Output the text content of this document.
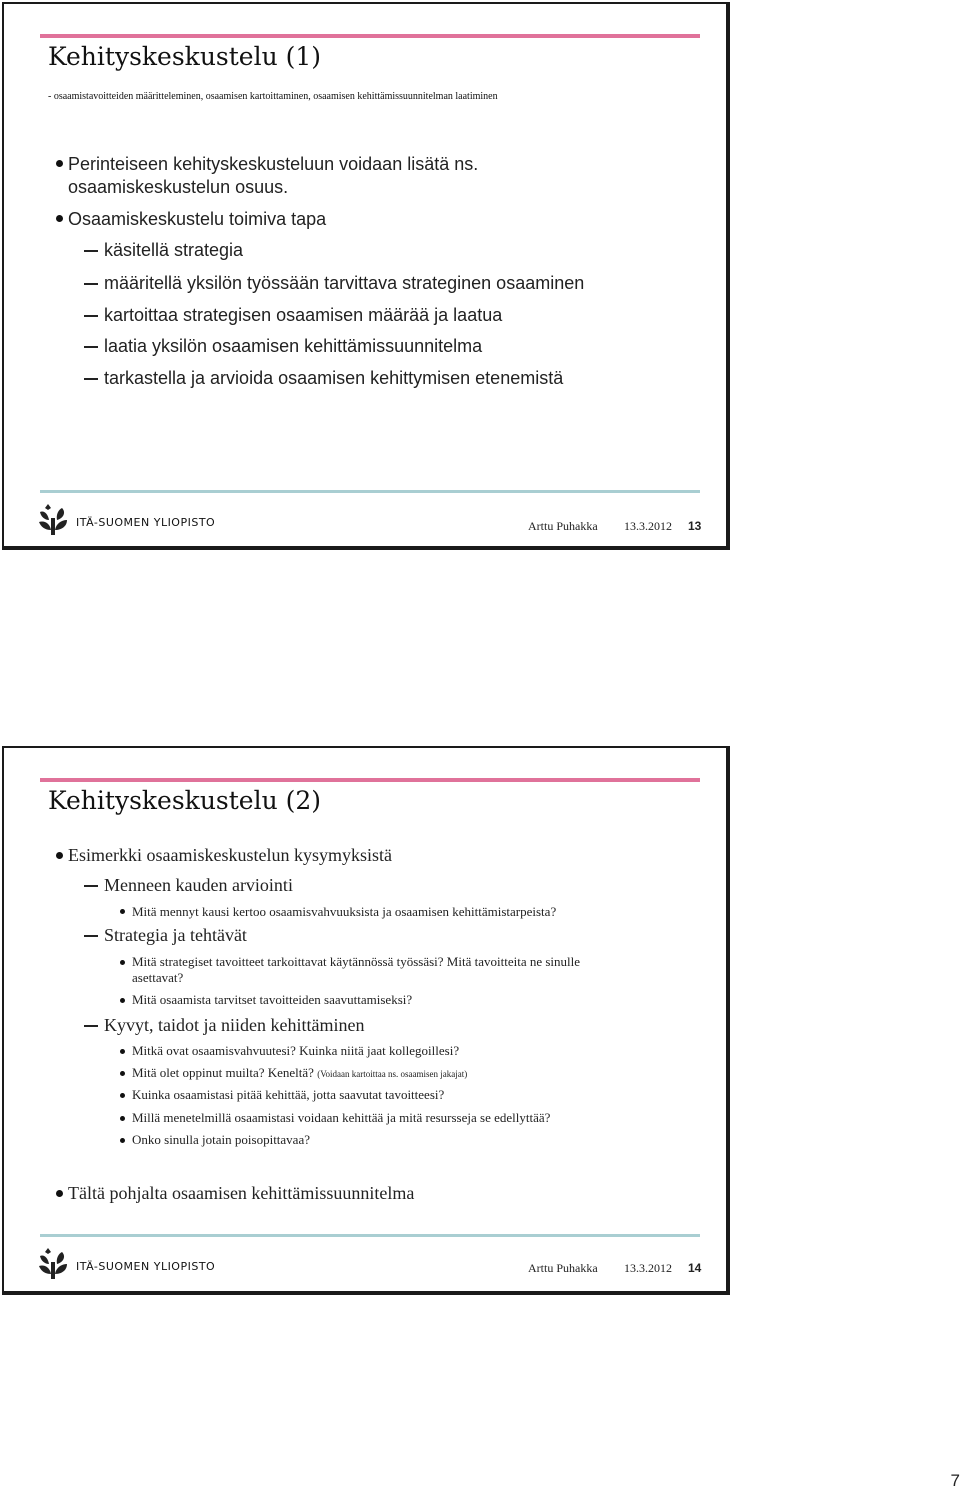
Kehityskeskustelu (1)
- osaamistavoitteiden määritteleminen, osaamisen kartoittaminen, osaamisen kehittämissuunnitelman laatiminen
Perinteiseen kehityskeskusteluun voidaan lisätä ns.
osaamiskeskustelun osuus.
Osaamiskeskustelu toimiva tapa
käsitellä strategia
määritellä yksilön työssään tarvittava strateginen osaaminen
kartoittaa strategisen osaamisen määrää ja laatua
laatia yksilön osaamisen kehittämissuunnitelma
tarkastella ja arvioida osaamisen kehittymisen etenemistä
ITÄ-SUOMEN YLIOPISTO	Arttu Puhakka 13.3.2012 13
Kehityskeskustelu (2)
Esimerkki osaamiskeskustelun kysymyksistä
Menneen kauden arviointi
Mitä mennyt kausi kertoo osaamisvahvuuksista ja osaamisen kehittämistarpeista?
Strategia ja tehtävät
Mitä strategiset tavoitteet tarkoittavat käytännössä työssäsi? Mitä tavoitteita ne sinulle
asettavat?
Mitä osaamista tarvitset tavoitteiden saavuttamiseksi?
Kyvyt, taidot ja niiden kehittäminen
Mitkä ovat osaamisvahvuutesi? Kuinka niitä jaat kollegoillesi?
Mitä olet oppinut muilta? Keneltä? (Voidaan kartoittaa ns. osaamisen jakajat)
Kuinka osaamistasi pitää kehittää, jotta saavutat tavoitteesi?
Millä menetelmillä osaamistasi voidaan kehittää ja mitä resursseja se edellyttää?
Onko sinulla jotain poisopittavaa?
Tältä pohjalta osaamisen kehittämissuunnitelma
ITÄ-SUOMEN YLIOPISTO	Arttu Puhakka 13.3.2012 14
7
